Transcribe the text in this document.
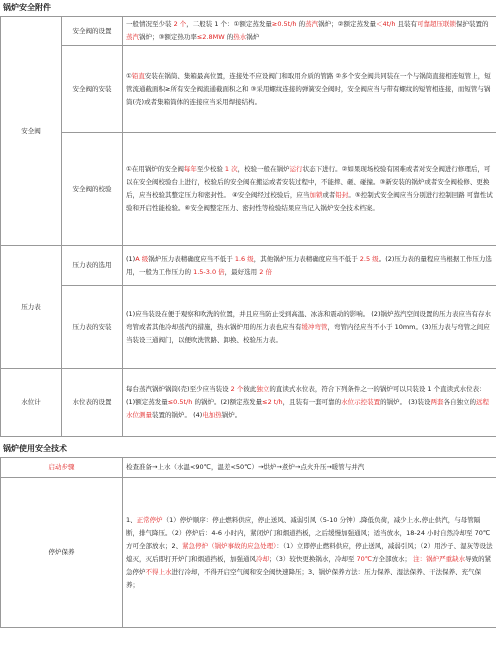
锅炉安全附件
安全阀	安全阀的设置	一般情况至少装 2 个，二般装 1 个：①额定蒸发量≥0.5t/h 的蒸汽锅炉；②额定蒸发量＜4t/h 且装有可靠超压联锁保护装置的蒸汽锅炉；③额定热功率≤2.8MW 的热水锅炉
	安全阀的安装	①铅直安装在锅筒、集箱最高位置，连接处不应设阀门和取用介质的管路 ②多个安全阀共同装在一个与锅筒直接相连短管上，短管流通截面积≥所有安全阀流通截面积之和 ③采用螺纹连接的弹簧安全阀时，安全阀应当与带有螺纹的短管相连接，而短管与锅筒(壳)或者集箱筒体的连接应当采用焊接结构。
	安全阀的校验	①在用锅炉的安全阀每年至少校验 1 次，校验一般在锅炉运行状态下进行。②如果现场校验有困难或者对安全阀进行修理后，可以在安全阀校验台上进行，校验后的安全阀在搬运或者安装过程中，不能摔、砸、碰撞。③新安装的锅炉或者安全阀检修、更换后，应当校验其整定压力和密封性。 ④安全阀经过校验后，应当加锁或者铅封。⑤控制式安全阀应当分别进行控制回路 可靠性试验和开启性能检验。⑥安全阀整定压力、密封性等检验结果应当记入锅炉安全技术档案。
压力表	压力表的选用	(1)A 级锅炉压力表精确度应当不低于 1.6 级，其他锅炉压力表精确度应当不低于 2.5 级。(2)压力表的量程应当根据工作压力选用，一般为工作压力的 1.5-3.0 倍，最好选用 2 倍
	压力表的安装	(1)应当装设在便于观察和吹洗的位置，并且应当防止受到高温、冰冻和震动的影响。 (2)锅炉蒸汽空间设置的压力表应当有存水弯管或者其他冷却蒸汽的措施，热水锅炉用的压力表也应当有缓冲弯管，弯管内径应当不小于 10mm。(3)压力表与弯管之间应当装设三通阀门，以便吹洗管路、卸换、校验压力表。
水位计	水位表的设置	每台蒸汽锅炉锅筒(壳)至少应当装设 2 个彼此独立的直读式水位表，符合下列条件之一的锅炉可以只装设 1 个直读式水位表：(1)额定蒸发量≤0.5t/h 的锅炉。(2)额定蒸发量≤2 t/h，且装有一套可靠的水位示控装置的锅炉。 (3)装设两套各自独立的远程水位测量装置的锅炉。 (4)电加热锅炉。
锅炉使用安全技术
启动步骤	检查准备→上水（水温<90℃，温差<50℃）→烘炉→煮炉→点火升压→暖管与并汽
停炉保养	1、正常停炉（1）停炉顺序：停止燃料供应，停止送风、减弱引风（5-10 分钟）,降低负荷，减少上水,停止供汽，与母管隔断，排气降压。（2）停炉后：4-6 小时内，紧闭炉门和烟道挡板，之后缓慢加强通风；适当放水，18-24 小时自然冷却至 70℃方可全部放水；2、紧急停炉（锅炉事故的应急处理）：（1）立即停止燃料供应，停止送风，减弱引风；（2）用沙子、湿灰等设法熄灭，灭后即打开炉门和烟道挡板，加强通风冷却；（3）较快更换锅水，冷却至 70℃方全部放水； 注：锅炉严重缺水导致的紧急停炉不得上水进行冷却，不得开启空气阀和安全阀快速降压；3、锅炉保养方法：压力保养、湿法保养、干法保养、充气保养；
